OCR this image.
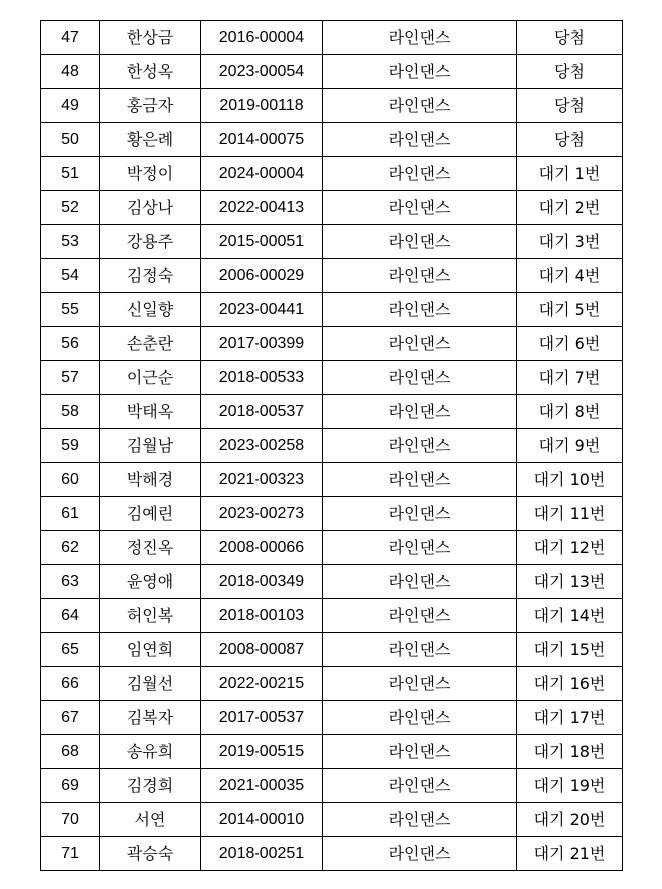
47	한상금	2016-00004	라인댄스	당첨
48	한성옥	2023-00054	라인댄스	당첨
49	홍금자	2019-00118	라인댄스	당첨
50	황은례	2014-00075	라인댄스	당첨
51	박정이	2024-00004	라인댄스	대기 1번
52	김상나	2022-00413	라인댄스	대기 2번
53	강용주	2015-00051	라인댄스	대기 3번
54	김정숙	2006-00029	라인댄스	대기 4번
55	신일향	2023-00441	라인댄스	대기 5번
56	손춘란	2017-00399	라인댄스	대기 6번
57	이근순	2018-00533	라인댄스	대기 7번
58	박태옥	2018-00537	라인댄스	대기 8번
59	김월남	2023-00258	라인댄스	대기 9번
60	박해경	2021-00323	라인댄스	대기 10번
61	김예린	2023-00273	라인댄스	대기 11번
62	정진옥	2008-00066	라인댄스	대기 12번
63	윤영애	2018-00349	라인댄스	대기 13번
64	허인복	2018-00103	라인댄스	대기 14번
65	임연희	2008-00087	라인댄스	대기 15번
66	김월선	2022-00215	라인댄스	대기 16번
67	김복자	2017-00537	라인댄스	대기 17번
68	송유희	2019-00515	라인댄스	대기 18번
69	김경희	2021-00035	라인댄스	대기 19번
70	서연	2014-00010	라인댄스	대기 20번
71	곽승숙	2018-00251	라인댄스	대기 21번
